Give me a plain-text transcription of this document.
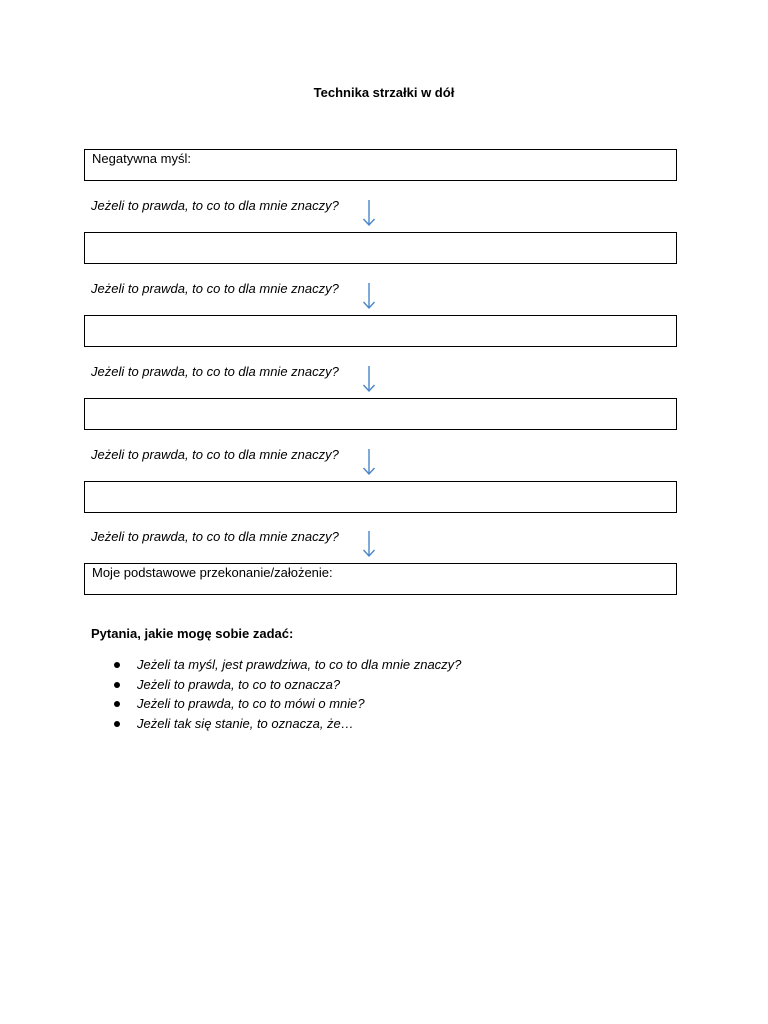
Technika strzałki w dół
Negatywna myśl:
Jeżeli to prawda, to co to dla mnie znaczy?
Jeżeli to prawda, to co to dla mnie znaczy?
Jeżeli to prawda, to co to dla mnie znaczy?
Jeżeli to prawda, to co to dla mnie znaczy?
Jeżeli to prawda, to co to dla mnie znaczy?
Moje podstawowe przekonanie/założenie:
Pytania, jakie mogę sobie zadać:
Jeżeli ta myśl, jest prawdziwa, to co to dla mnie znaczy?
Jeżeli to prawda, to co to oznacza?
Jeżeli to prawda, to co to mówi o mnie?
Jeżeli tak się stanie, to oznacza, że…
